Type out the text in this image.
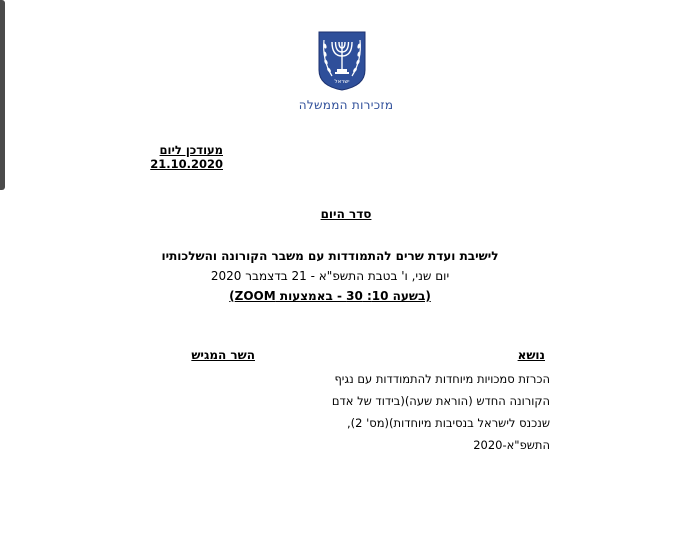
ישראל
מזכירות הממשלה
מעודכן ליום 21.10.2020
סדר היום
לישיבת ועדת שרים להתמודדות עם משבר הקורונה והשלכותיו
יום שני, ו' בטבת התשפ"א - 21 בדצמבר 2020
(בשעה 10: 30 - באמצעות ZOOM)
נושא
השר המגיש
הכרזת סמכויות מיוחדות להתמודדות עם נגיף
הקורונה החדש (הוראת שעה)(בידוד של אדם
שנכנס לישראל בנסיבות מיוחדות)(מס' 2),
התשפ"א-2020
